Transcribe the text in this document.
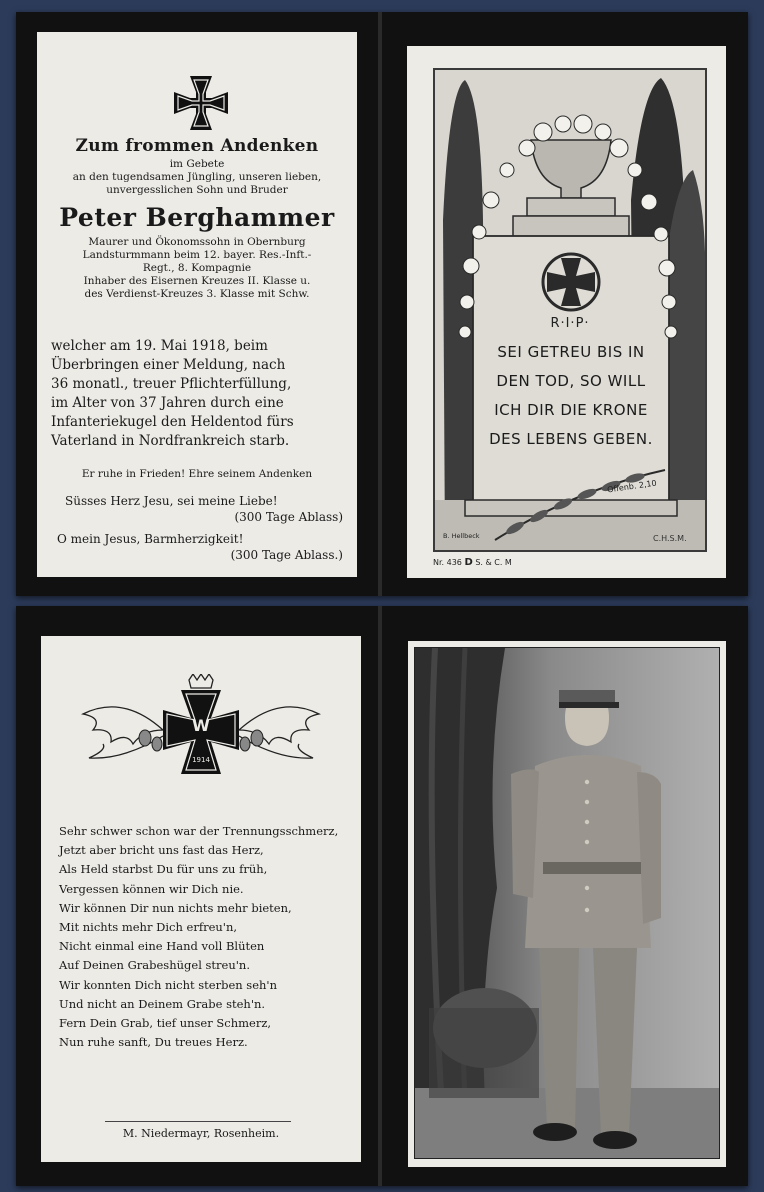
Zum frommen Andenken
im Gebete
an den tugendsamen Jüngling, unseren lieben,
unvergesslichen Sohn und Bruder
Peter Berghammer
Maurer und Ökonomssohn in Obernburg
Landsturmmann beim 12. bayer. Res.-Inft.-
Regt., 8. Kompagnie
Inhaber des Eisernen Kreuzes II. Klasse u.
des Verdienst-Kreuzes 3. Klasse mit Schw.
welcher am 19. Mai 1918, beim
Überbringen einer Meldung, nach
36 monatl., treuer Pflichterfüllung,
im Alter von 37 Jahren durch eine
Infanteriekugel den Heldentod fürs
Vaterland in Nordfrankreich starb.
Er ruhe in Frieden! Ehre seinem Andenken
Süsses Herz Jesu, sei meine Liebe!
(300 Tage Ablass)
O mein Jesus, Barmherzigkeit!
(300 Tage Ablass.)
R·I·P·
SEI GETREU BIS IN
DEN TOD, SO WILL
ICH DIR DIE KRONE
DES LEBENS GEBEN.
Offenb. 2,10
B. Hellbeck	C.H.S.M.
Nr. 436 D S. & C. M
W
1914
Sehr schwer schon war der Trennungsschmerz,
Jetzt aber bricht uns fast das Herz,
Als Held starbst Du für uns zu früh,
Vergessen können wir Dich nie.
Wir können Dir nun nichts mehr bieten,
Mit nichts mehr Dich erfreu'n,
Nicht einmal eine Hand voll Blüten
Auf Deinen Grabeshügel streu'n.
Wir konnten Dich nicht sterben seh'n
Und nicht an Deinem Grabe steh'n.
Fern Dein Grab, tief unser Schmerz,
Nun ruhe sanft, Du treues Herz.
M. Niedermayr, Rosenheim.
